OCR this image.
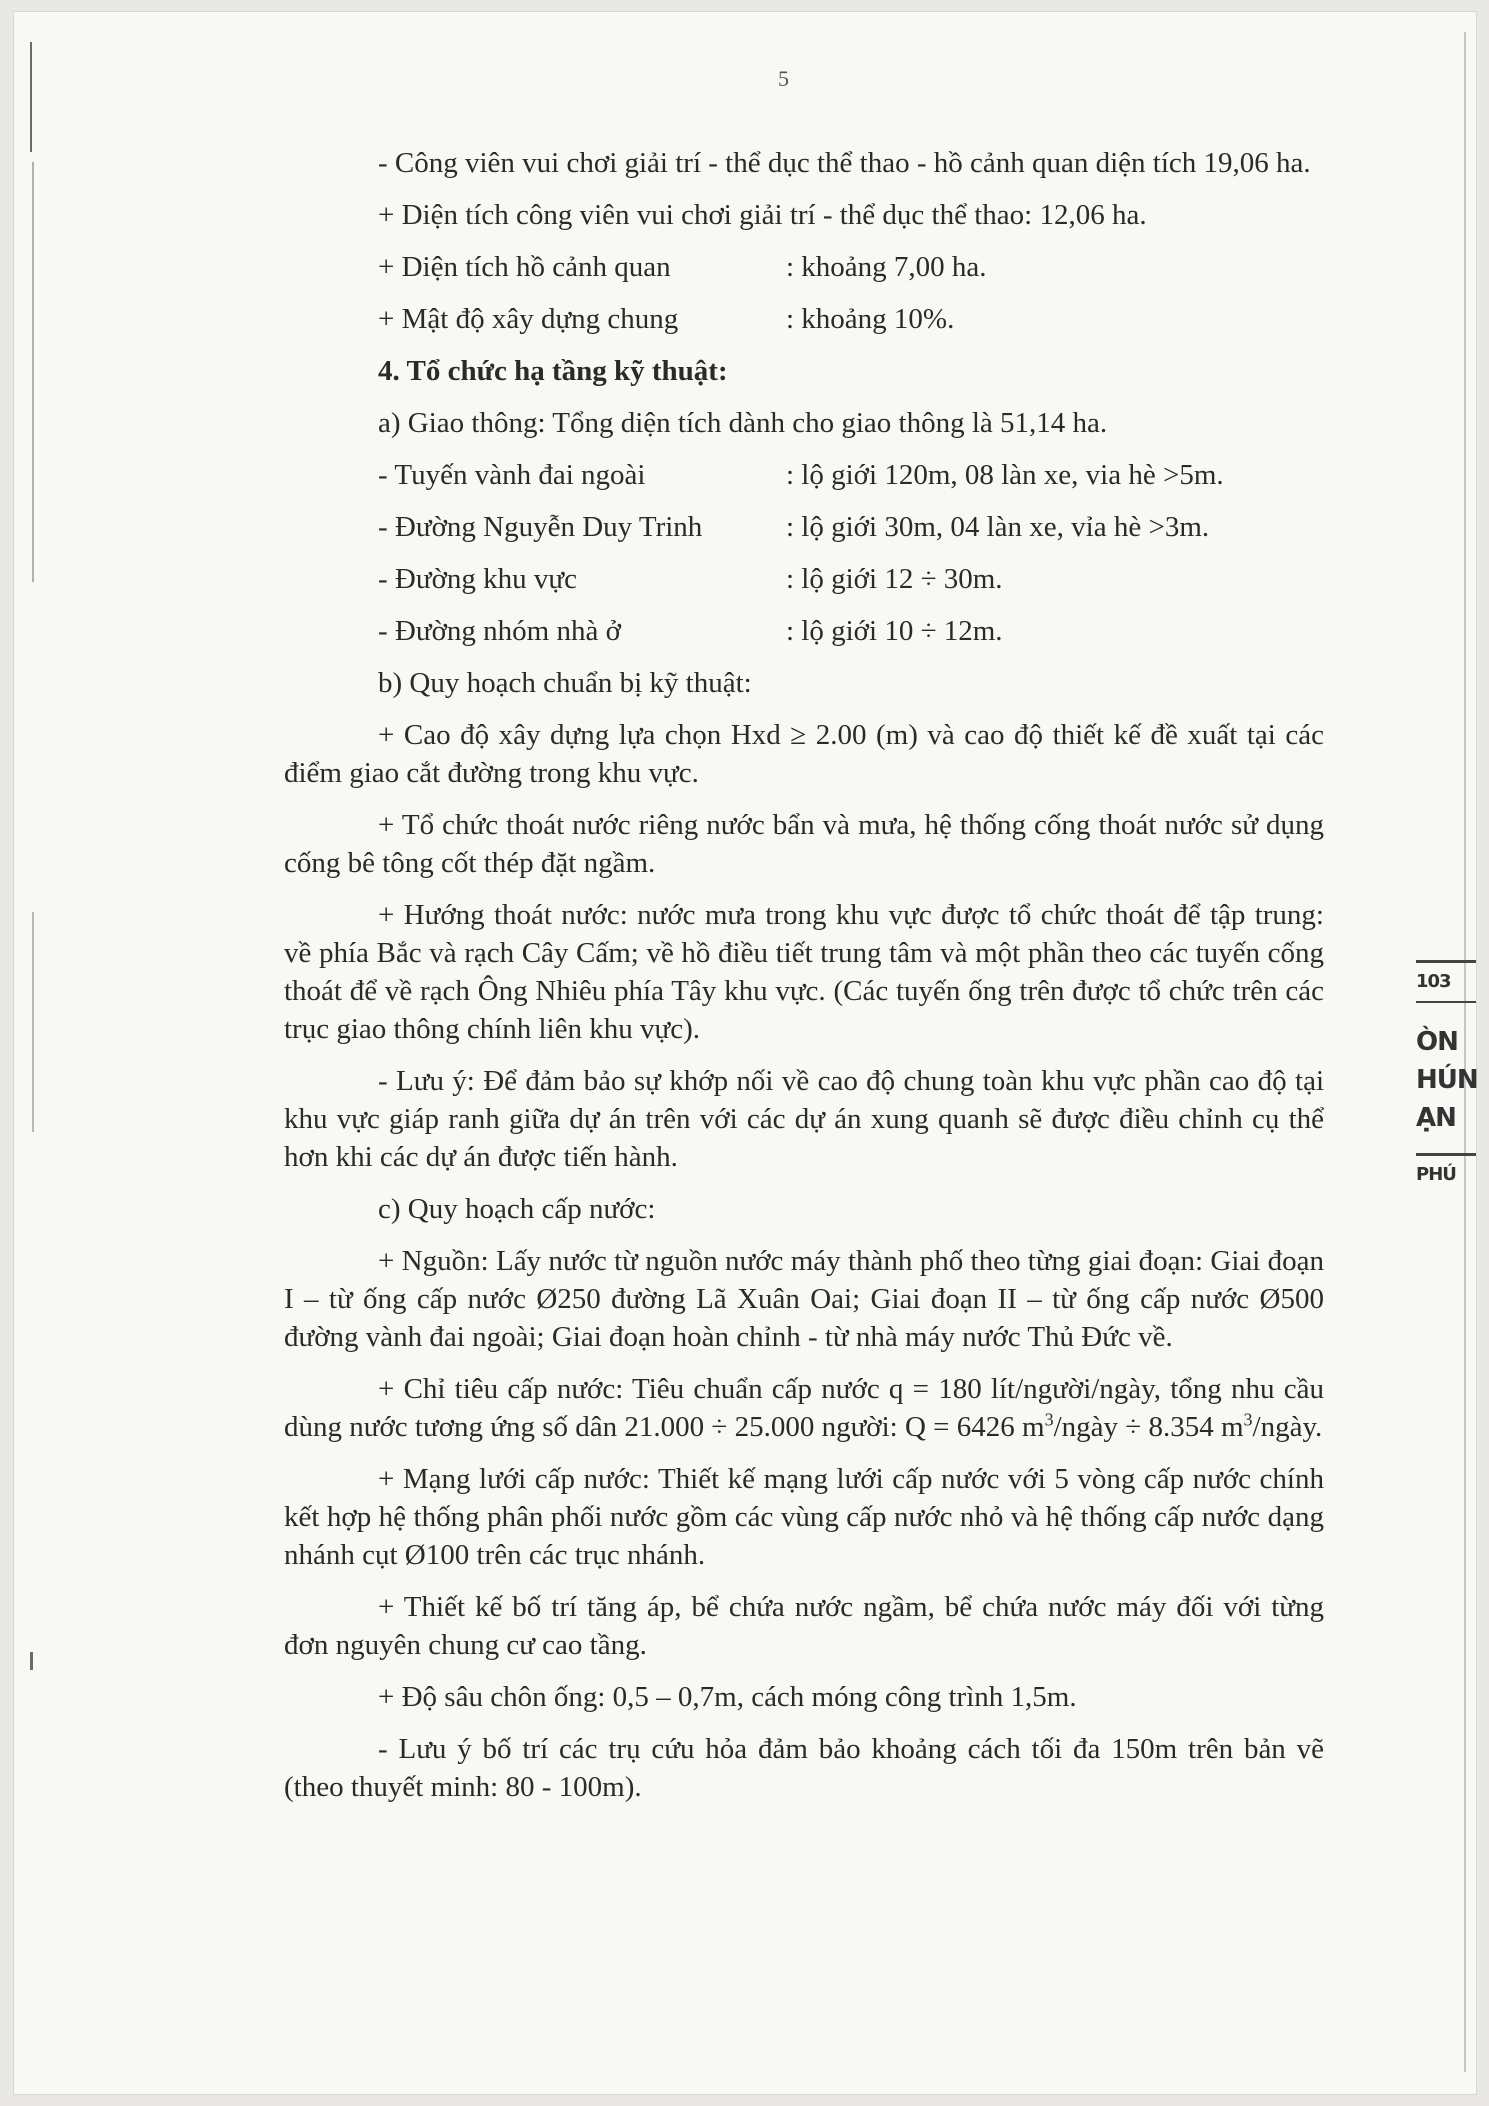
5

- Công viên vui chơi giải trí - thể dục thể thao - hồ cảnh quan diện tích 19,06 ha.

+ Diện tích công viên vui chơi giải trí - thể dục thể thao: 12,06 ha.

+ Diện tích hồ cảnh quan	: khoảng 7,00 ha.
+ Mật độ xây dựng chung	: khoảng 10%.

4. Tổ chức hạ tầng kỹ thuật:

a) Giao thông: Tổng diện tích dành cho giao thông là 51,14 ha.

- Tuyến vành đai ngoài	: lộ giới 120m, 08 làn xe, via hè >5m.
- Đường Nguyễn Duy Trinh	: lộ giới 30m, 04 làn xe, vỉa hè >3m.
- Đường khu vực	: lộ giới 12 ÷ 30m.
- Đường nhóm nhà ở	: lộ giới 10 ÷ 12m.

b) Quy hoạch chuẩn bị kỹ thuật:

+ Cao độ xây dựng lựa chọn Hxd ≥ 2.00 (m) và cao độ thiết kế đề xuất tại các điểm giao cắt đường trong khu vực.

+ Tổ chức thoát nước riêng nước bẩn và mưa, hệ thống cống thoát nước sử dụng cống bê tông cốt thép đặt ngầm.

+ Hướng thoát nước: nước mưa trong khu vực được tổ chức thoát để tập trung: về phía Bắc và rạch Cây Cấm; về hồ điều tiết trung tâm và một phần theo các tuyến cống thoát để về rạch Ông Nhiêu phía Tây khu vực. (Các tuyến ống trên được tổ chức trên các trục giao thông chính liên khu vực).

- Lưu ý: Để đảm bảo sự khớp nối về cao độ chung toàn khu vực phần cao độ tại khu vực giáp ranh giữa dự án trên với các dự án xung quanh sẽ được điều chỉnh cụ thể hơn khi các dự án được tiến hành.

c) Quy hoạch cấp nước:

+ Nguồn: Lấy nước từ nguồn nước máy thành phố theo từng giai đoạn: Giai đoạn I – từ ống cấp nước Ø250 đường Lã Xuân Oai; Giai đoạn II – từ ống cấp nước Ø500 đường vành đai ngoài; Giai đoạn hoàn chỉnh - từ nhà máy nước Thủ Đức về.

+ Chỉ tiêu cấp nước: Tiêu chuẩn cấp nước q = 180 lít/người/ngày, tổng nhu cầu dùng nước tương ứng số dân 21.000 ÷ 25.000 người: Q = 6426 $m^3$/ngày ÷ 8.354 $m^3$/ngày.

+ Mạng lưới cấp nước: Thiết kế mạng lưới cấp nước với 5 vòng cấp nước chính kết hợp hệ thống phân phối nước gồm các vùng cấp nước nhỏ và hệ thống cấp nước dạng nhánh cụt Ø100 trên các trục nhánh.

+ Thiết kế bố trí tăng áp, bể chứa nước ngầm, bể chứa nước máy đối với từng đơn nguyên chung cư cao tầng.

+ Độ sâu chôn ống: 0,5 – 0,7m, cách móng công trình 1,5m.

- Lưu ý bố trí các trụ cứu hỏa đảm bảo khoảng cách tối đa 150m trên bản vẽ (theo thuyết minh: 80 - 100m).

103
ÒN
HÚN
ẠN
PHÚ
